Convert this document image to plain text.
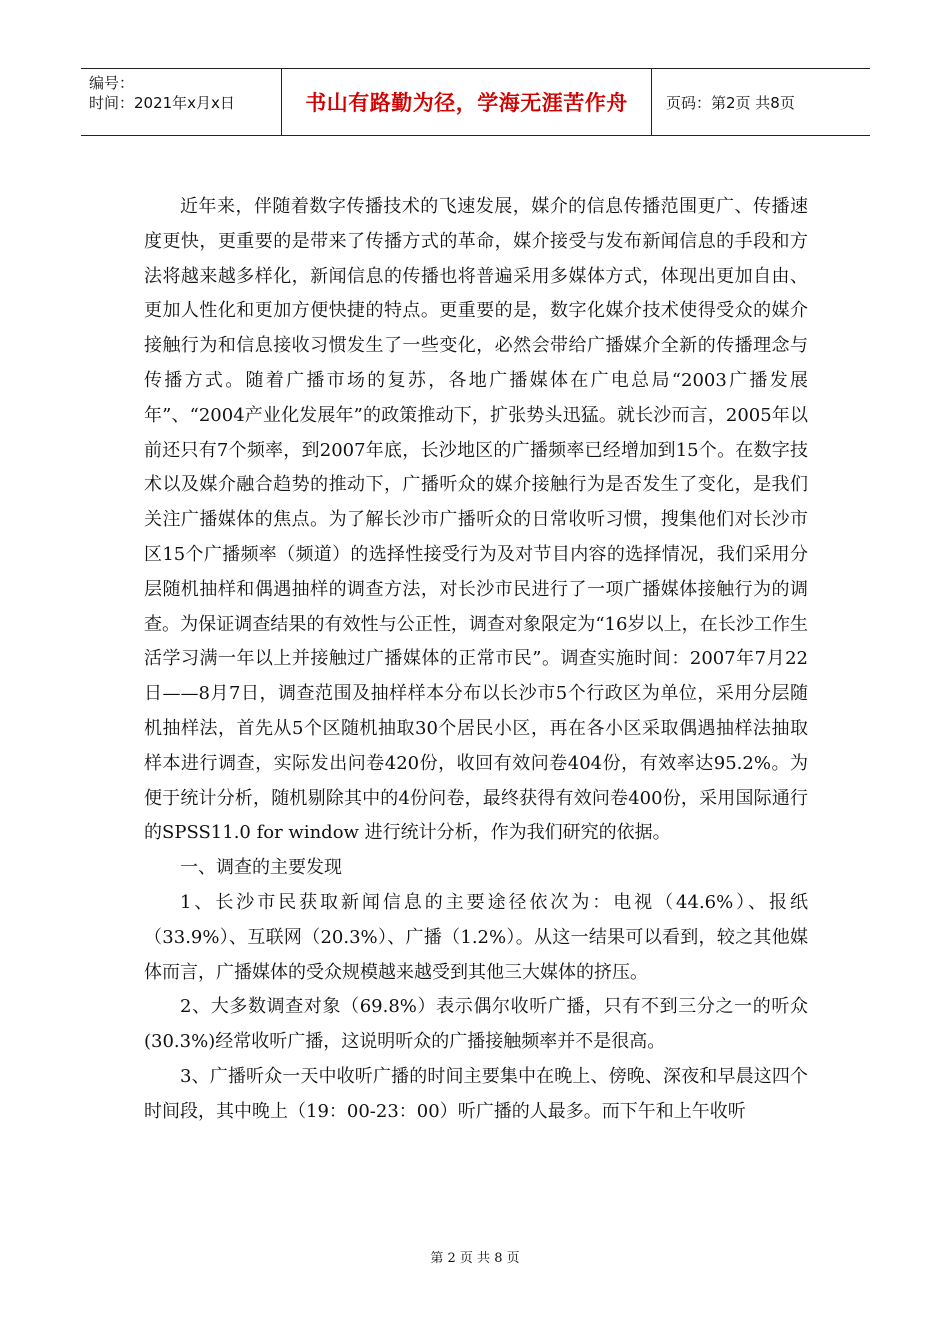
编号：
时间：2021年x月x日	书山有路勤为径，学海无涯苦作舟	页码：第2页 共8页

近年来，伴随着数字传播技术的飞速发展，媒介的信息传播范围更广、传播速度更快，更重要的是带来了传播方式的革命，媒介接受与发布新闻信息的手段和方法将越来越多样化，新闻信息的传播也将普遍采用多媒体方式，体现出更加自由、更加人性化和更加方便快捷的特点。更重要的是，数字化媒介技术使得受众的媒介接触行为和信息接收习惯发生了一些变化，必然会带给广播媒介全新的传播理念与传播方式。随着广播市场的复苏，各地广播媒体在广电总局“2003广播发展年”、“2004产业化发展年”的政策推动下，扩张势头迅猛。就长沙而言，2005年以前还只有7个频率，到2007年底，长沙地区的广播频率已经增加到15个。在数字技术以及媒介融合趋势的推动下，广播听众的媒介接触行为是否发生了变化，是我们关注广播媒体的焦点。为了解长沙市广播听众的日常收听习惯，搜集他们对长沙市区15个广播频率（频道）的选择性接受行为及对节目内容的选择情况，我们采用分层随机抽样和偶遇抽样的调查方法，对长沙市民进行了一项广播媒体接触行为的调查。为保证调查结果的有效性与公正性，调查对象限定为“16岁以上，在长沙工作生活学习满一年以上并接触过广播媒体的正常市民”。调查实施时间：2007年7月22日——8月7日，调查范围及抽样样本分布以长沙市5个行政区为单位，采用分层随机抽样法，首先从5个区随机抽取30个居民小区，再在各小区采取偶遇抽样法抽取样本进行调查，实际发出问卷420份，收回有效问卷404份，有效率达95.2%。为便于统计分析，随机剔除其中的4份问卷，最终获得有效问卷400份，采用国际通行的SPSS11.0 for window 进行统计分析，作为我们研究的依据。

一、调查的主要发现

1、长沙市民获取新闻信息的主要途径依次为：电视（44.6%）、报纸（33.9%）、互联网（20.3%）、广播（1.2%）。从这一结果可以看到，较之其他媒体而言，广播媒体的受众规模越来越受到其他三大媒体的挤压。

2、大多数调查对象（69.8%）表示偶尔收听广播，只有不到三分之一的听众(30.3%)经常收听广播，这说明听众的广播接触频率并不是很高。

3、广播听众一天中收听广播的时间主要集中在晚上、傍晚、深夜和早晨这四个时间段，其中晚上（19：00-23：00）听广播的人最多。而下午和上午收听

第 2 页 共 8 页
